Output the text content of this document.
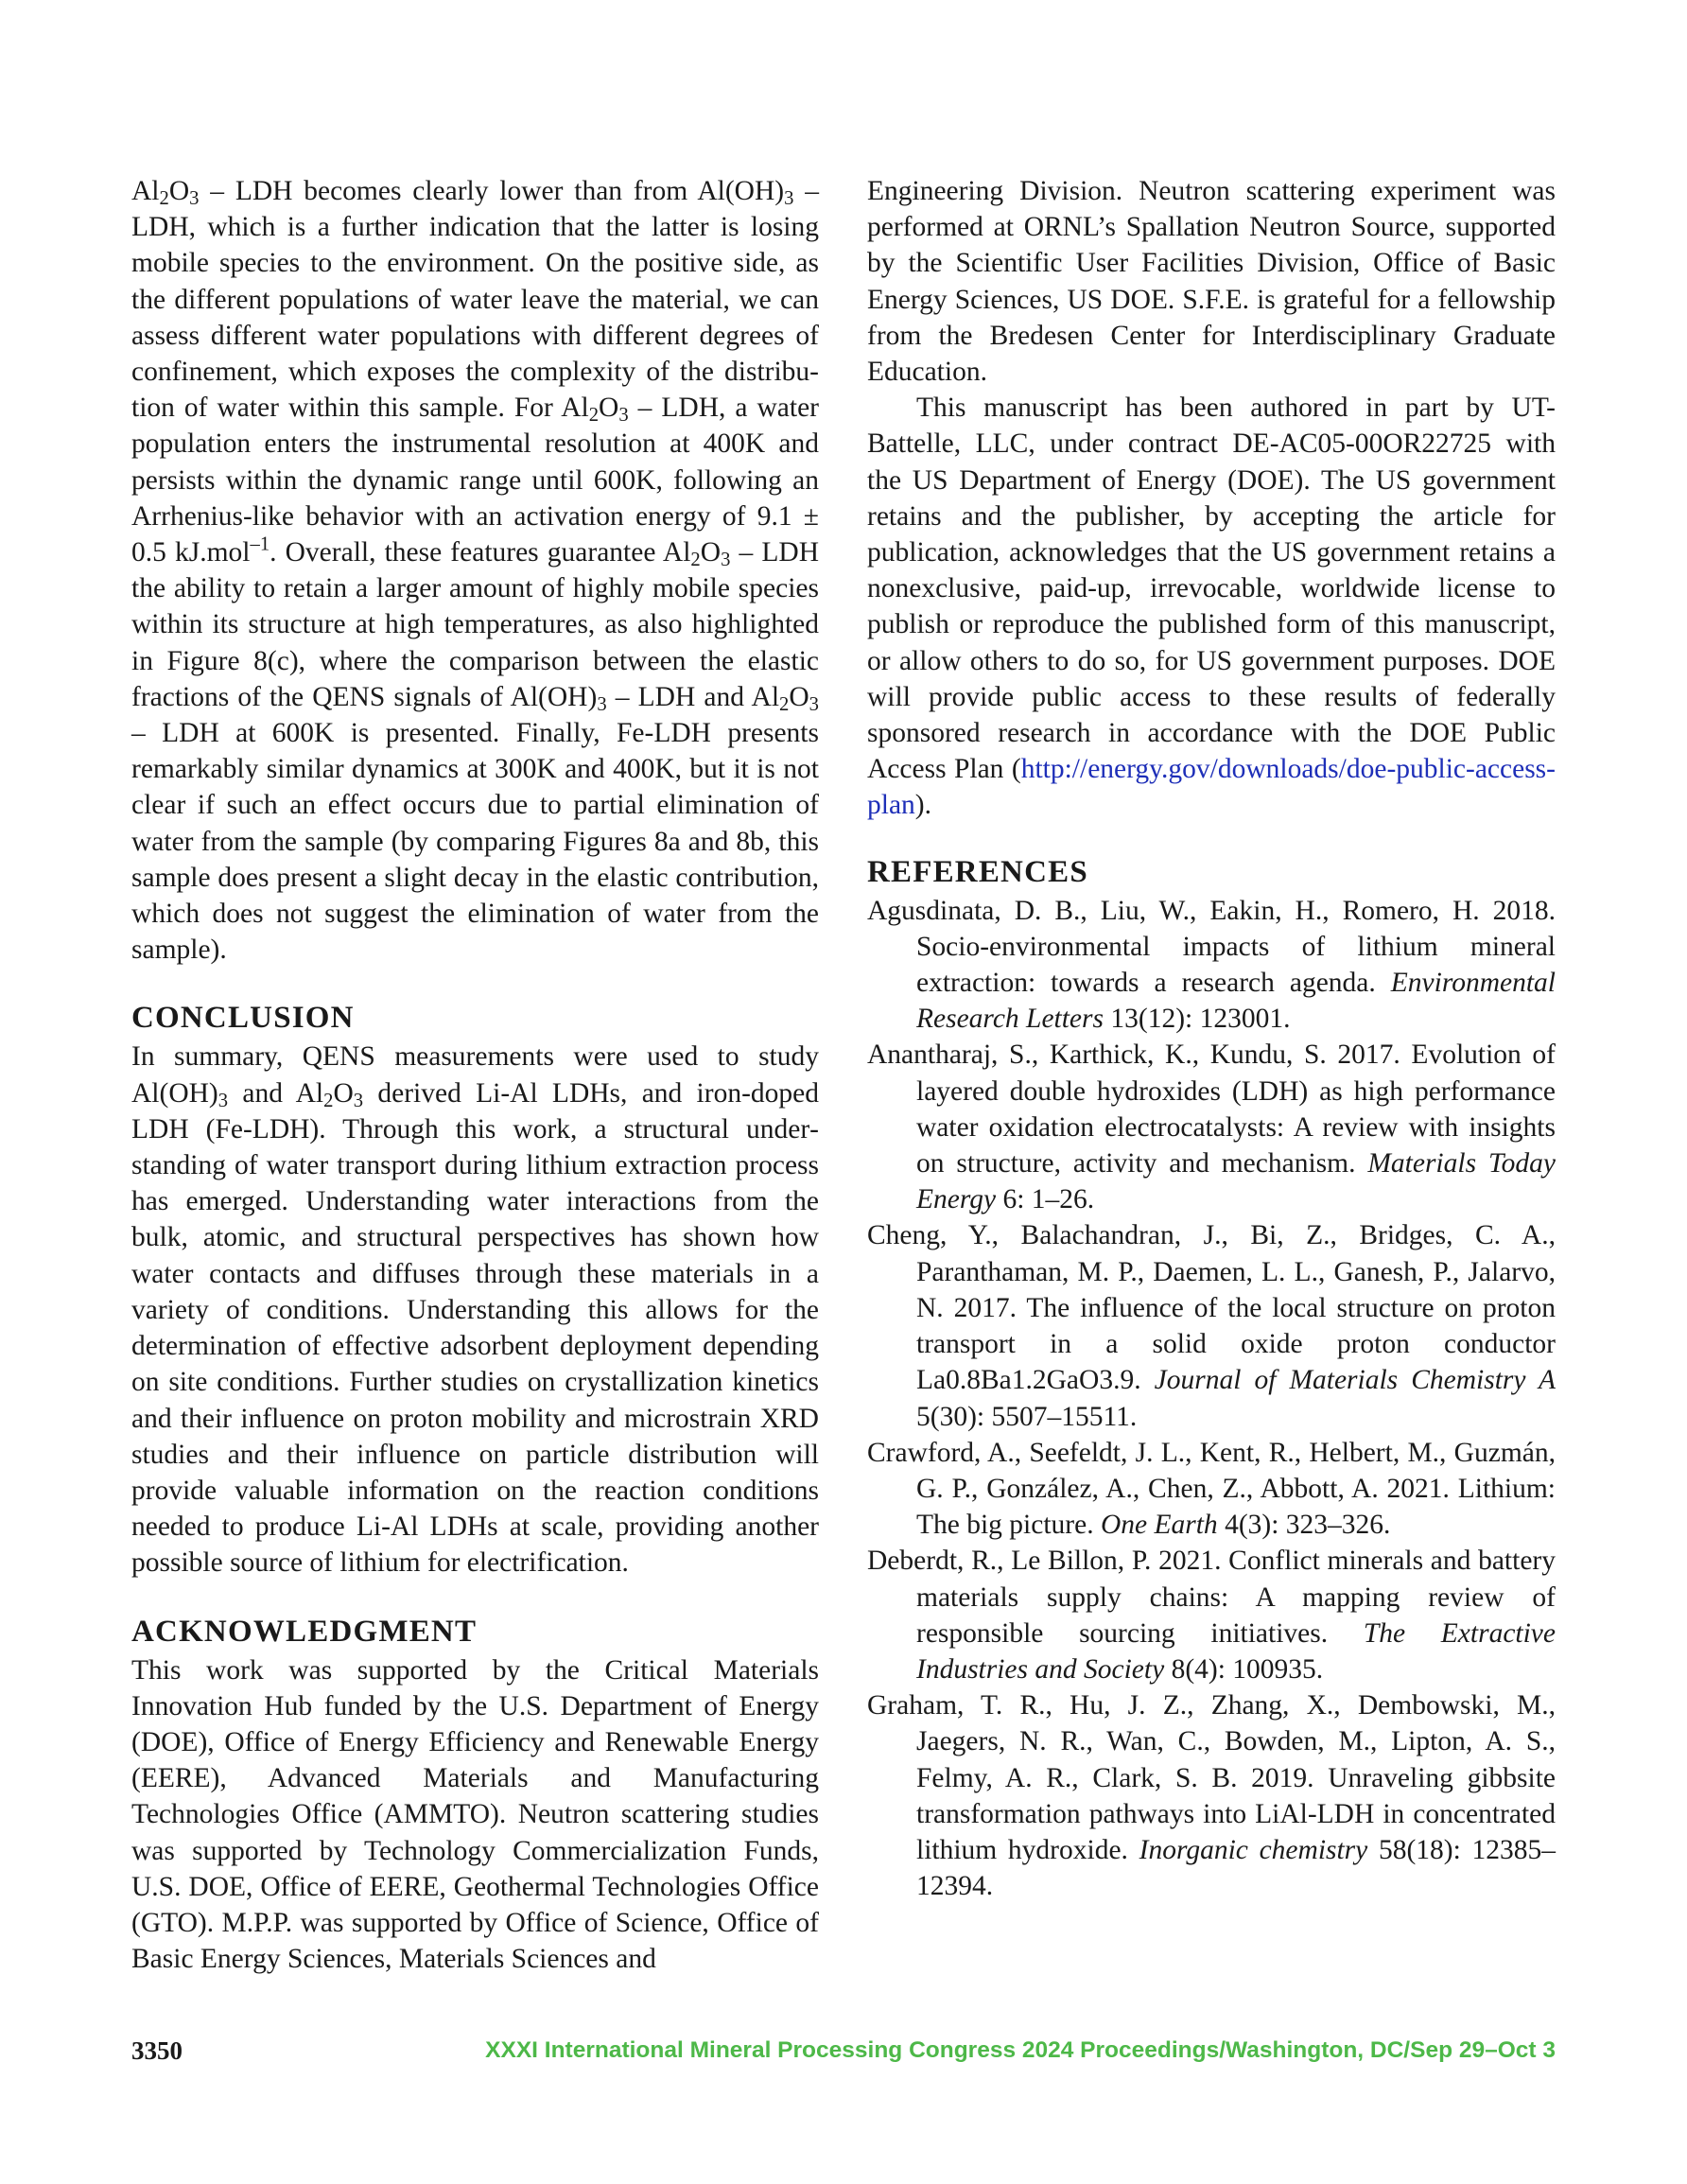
$Al_2O_3$ – LDH becomes clearly lower than from $Al(OH)_3$ – LDH, which is a further indication that the latter is losing mobile species to the environment. On the positive side, as the different populations of water leave the material, we can assess different water populations with different degrees of confinement, which exposes the complexity of the distribution of water within this sample. For $Al_2O_3$ – LDH, a water population enters the instrumental resolution at 400K and persists within the dynamic range until 600K, following an Arrhenius-like behavior with an activation energy of 9.1 ± 0.5 kJ.mol$^{-1}$. Overall, these features guarantee $Al_2O_3$ – LDH the ability to retain a larger amount of highly mobile species within its structure at high temperatures, as also highlighted in Figure 8(c), where the comparison between the elastic fractions of the QENS signals of $Al(OH)_3$ – LDH and $Al_2O_3$ – LDH at 600K is presented. Finally, Fe-LDH presents remarkably similar dynamics at 300K and 400K, but it is not clear if such an effect occurs due to partial elimination of water from the sample (by comparing Figures 8a and 8b, this sample does present a slight decay in the elastic contribution, which does not suggest the elimination of water from the sample).

CONCLUSION

In summary, QENS measurements were used to study $Al(OH)_3$ and $Al_2O_3$ derived Li-Al LDHs, and iron-doped LDH (Fe-LDH). Through this work, a structural understanding of water transport during lithium extraction process has emerged. Understanding water interactions from the bulk, atomic, and structural perspectives has shown how water contacts and diffuses through these materials in a variety of conditions. Understanding this allows for the determination of effective adsorbent deployment depending on site conditions. Further studies on crystallization kinetics and their influence on proton mobility and microstrain XRD studies and their influence on particle distribution will provide valuable information on the reaction conditions needed to produce Li-Al LDHs at scale, providing another possible source of lithium for electrification.

ACKNOWLEDGMENT

This work was supported by the Critical Materials Innovation Hub funded by the U.S. Department of Energy (DOE), Office of Energy Efficiency and Renewable Energy (EERE), Advanced Materials and Manufacturing Technologies Office (AMMTO). Neutron scattering studies was supported by Technology Commercialization Funds, U.S. DOE, Office of EERE, Geothermal Technologies Office (GTO). M.P.P. was supported by Office of Science, Office of Basic Energy Sciences, Materials Sciences and

Engineering Division. Neutron scattering experiment was performed at ORNL’s Spallation Neutron Source, supported by the Scientific User Facilities Division, Office of Basic Energy Sciences, US DOE. S.F.E. is grateful for a fellowship from the Bredesen Center for Interdisciplinary Graduate Education.

This manuscript has been authored in part by UT-Battelle, LLC, under contract DE-AC05-00OR22725 with the US Department of Energy (DOE). The US government retains and the publisher, by accepting the article for publication, acknowledges that the US government retains a nonexclusive, paid-up, irrevocable, worldwide license to publish or reproduce the published form of this manuscript, or allow others to do so, for US government purposes. DOE will provide public access to these results of federally sponsored research in accordance with the DOE Public Access Plan (http://energy.gov/downloads/​doe-public-access-plan).

REFERENCES

Agusdinata, D. B., Liu, W., Eakin, H., Romero, H. 2018. Socio-environmental impacts of lithium mineral extraction: towards a research agenda. Environmental Research Letters 13(12): 123001.

Anantharaj, S., Karthick, K., Kundu, S. 2017. Evolution of layered double hydroxides (LDH) as high performance water oxidation electrocatalysts: A review with insights on structure, activity and mechanism. Materials Today Energy 6: 1–26.

Cheng, Y., Balachandran, J., Bi, Z., Bridges, C. A., Paranthaman, M. P., Daemen, L. L., Ganesh, P., Jalarvo, N. 2017. The influence of the local structure on proton transport in a solid oxide proton conductor La0.8Ba1.2GaO3.9. Journal of Materials Chemistry A 5(30): 5507–15511.

Crawford, A., Seefeldt, J. L., Kent, R., Helbert, M., Guzmán, G. P., González, A., Chen, Z., Abbott, A. 2021. Lithium: The big picture. One Earth 4(3): 323–326.

Deberdt, R., Le Billon, P. 2021. Conflict minerals and battery materials supply chains: A mapping review of responsible sourcing initiatives. The Extractive Industries and Society 8(4): 100935.

Graham, T. R., Hu, J. Z., Zhang, X., Dembowski, M., Jaegers, N. R., Wan, C., Bowden, M., Lipton, A. S., Felmy, A. R., Clark, S. B. 2019. Unraveling gibbsite transformation pathways into LiAl-LDH in concentrated lithium hydroxide. Inorganic chemistry 58(18): 12385–12394.

3350	XXXI International Mineral Processing Congress 2024 Proceedings/Washington, DC/Sep 29–Oct 3
